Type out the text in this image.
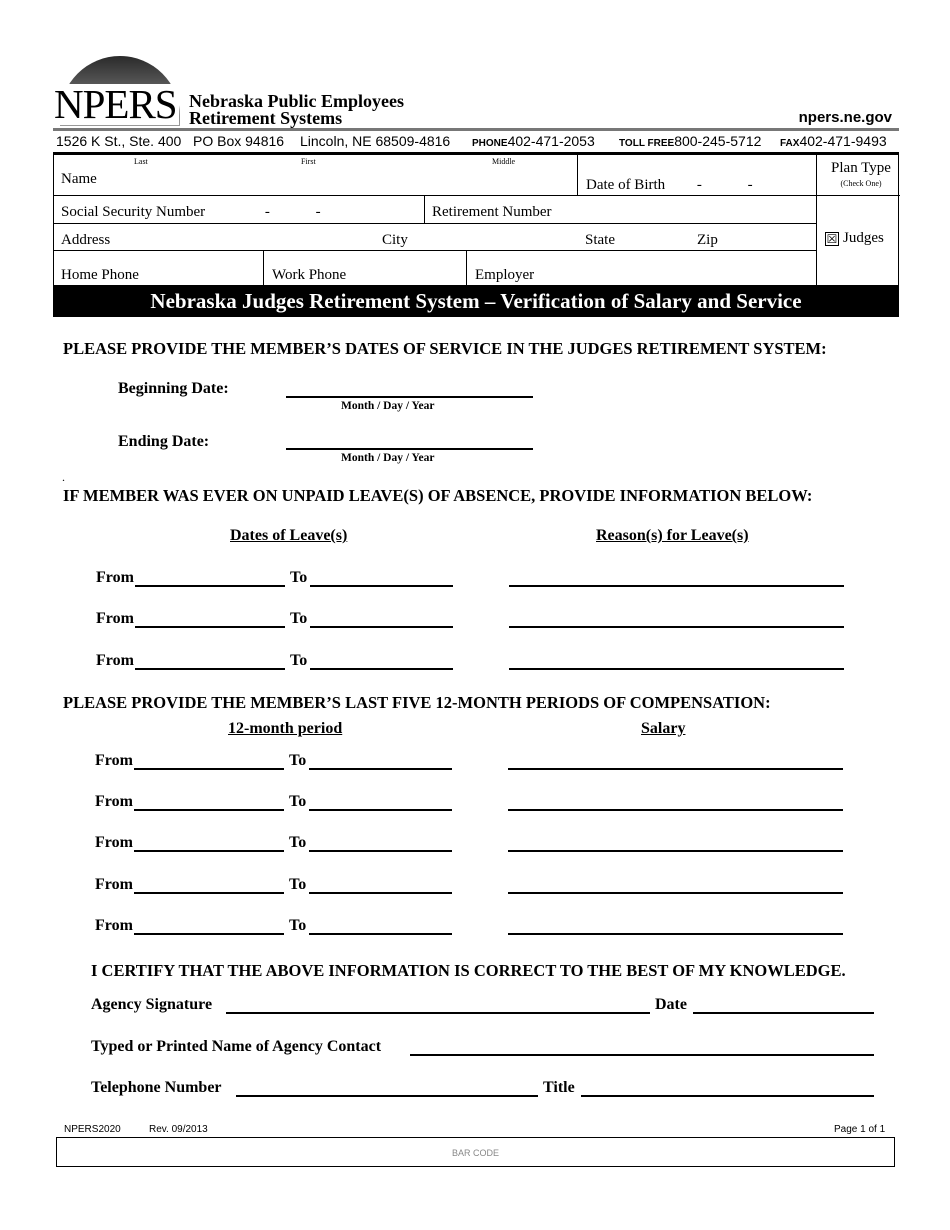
NPERS Nebraska Public Employees
Retirement Systems	npers.ne.gov
1526 K St., Ste. 400 PO Box 94816 Lincoln, NE 68509-4816 PHONE402-471-2053 TOLL FREE800-245-5712 FAX402-471-9493
Last	First	Middle
Name	Date of Birth -	-
Plan Type
(Check One)
Social Security Number	-	-	Retirement Number
Address	City	State	Zip	☒ Judges
Home Phone	Work Phone	Employer
Nebraska Judges Retirement System – Verification of Salary and Service
PLEASE PROVIDE THE MEMBER’S DATES OF SERVICE IN THE JUDGES RETIREMENT SYSTEM:
Beginning Date:
Month / Day / Year
Ending Date:
Month / Day / Year
.
IF MEMBER WAS EVER ON UNPAID LEAVE(S) OF ABSENCE, PROVIDE INFORMATION BELOW:
Dates of Leave(s)	Reason(s) for Leave(s)
From	To
From	To
From	To
PLEASE PROVIDE THE MEMBER’S LAST FIVE 12-MONTH PERIODS OF COMPENSATION:
12-month period	Salary
From	To
From	To
From	To
From	To
From	To
I CERTIFY THAT THE ABOVE INFORMATION IS CORRECT TO THE BEST OF MY KNOWLEDGE.
Agency Signature	Date
Typed or Printed Name of Agency Contact
Telephone Number	Title
NPERS2020	Rev. 09/2013	Page 1 of 1
BAR CODE
